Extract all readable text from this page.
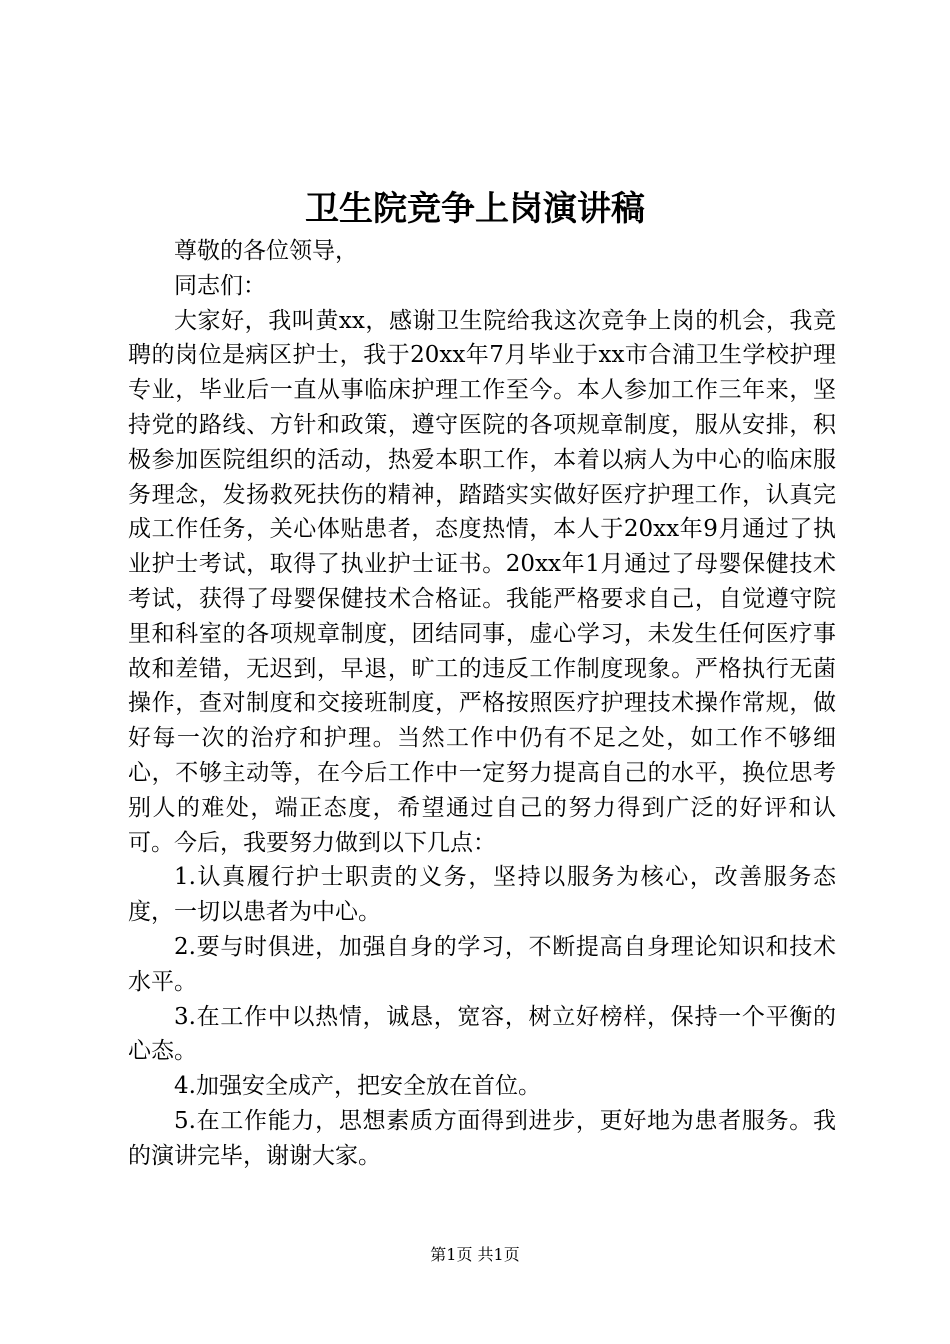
卫生院竞争上岗演讲稿

尊敬的各位领导，

同志们：

大家好，我叫黄xx，感谢卫生院给我这次竞争上岗的机会，我竞聘的岗位是病区护士，我于20xx年7月毕业于xx市合浦卫生学校护理专业，毕业后一直从事临床护理工作至今。本人参加工作三年来，坚持党的路线、方针和政策，遵守医院的各项规章制度，服从安排，积极参加医院组织的活动，热爱本职工作，本着以病人为中心的临床服务理念，发扬救死扶伤的精神，踏踏实实做好医疗护理工作，认真完成工作任务，关心体贴患者，态度热情，本人于20xx年9月通过了执业护士考试，取得了执业护士证书。20xx年1月通过了母婴保健技术考试，获得了母婴保健技术合格证。我能严格要求自己，自觉遵守院里和科室的各项规章制度，团结同事，虚心学习，未发生任何医疗事故和差错，无迟到，早退，旷工的违反工作制度现象。严格执行无菌操作，查对制度和交接班制度，严格按照医疗护理技术操作常规，做好每一次的治疗和护理。当然工作中仍有不足之处，如工作不够细心，不够主动等，在今后工作中一定努力提高自己的水平，换位思考别人的难处，端正态度，希望通过自己的努力得到广泛的好评和认可。今后，我要努力做到以下几点：

1.认真履行护士职责的义务，坚持以服务为核心，改善服务态度，一切以患者为中心。

2.要与时俱进，加强自身的学习，不断提高自身理论知识和技术水平。

3.在工作中以热情，诚恳，宽容，树立好榜样，保持一个平衡的心态。

4.加强安全成产，把安全放在首位。

5.在工作能力，思想素质方面得到进步，更好地为患者服务。我的演讲完毕，谢谢大家。

第1页 共1页
